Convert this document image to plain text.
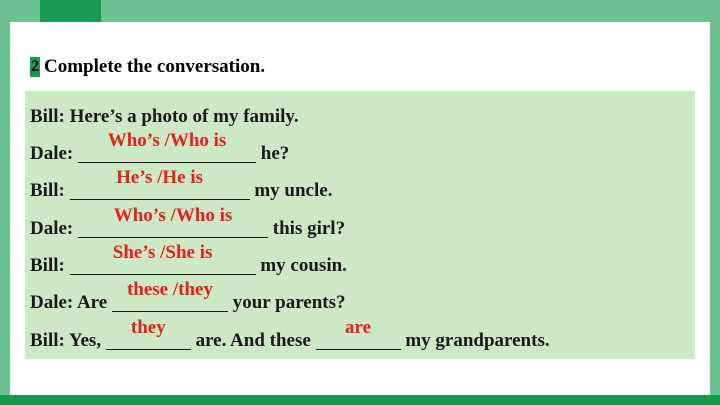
2 Complete the conversation.
Bill: Here’s a photo of my family.
Dale:
Who’s /Who is
he?
Bill:
He’s /He is
my uncle.
Dale:
Who’s /Who is
this girl?
Bill:
She’s /She is
my cousin.
Dale: Are
these /they
your parents?
Bill: Yes,
they
are. And these
are
my grandparents.
